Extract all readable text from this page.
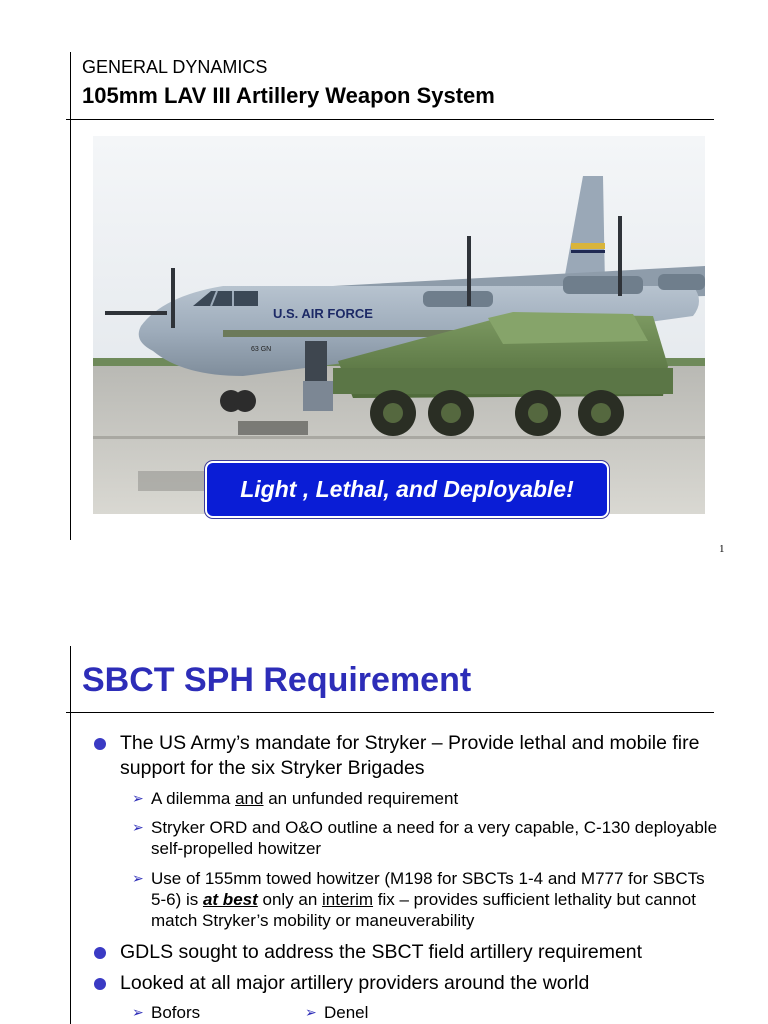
GENERAL DYNAMICS
105mm LAV III Artillery Weapon System
U.S. AIR FORCE
63 GN
Light , Lethal, and Deployable!
1
SBCT SPH Requirement
The US Army’s mandate for Stryker – Provide lethal and mobile fire support for the six Stryker Brigades
➢ A dilemma and an unfunded requirement
➢ Stryker ORD and O&O outline a need for a very capable, C-130 deployable self-propelled howitzer
➢ Use of 155mm towed howitzer (M198 for SBCTs 1-4 and M777 for SBCTs 5-6) is at best only an interim fix – provides sufficient lethality but cannot match Stryker’s mobility or maneuverability
GDLS sought to address the SBCT field artillery requirement
Looked at all major artillery providers around the world
➢ Bofors	➢ Denel
